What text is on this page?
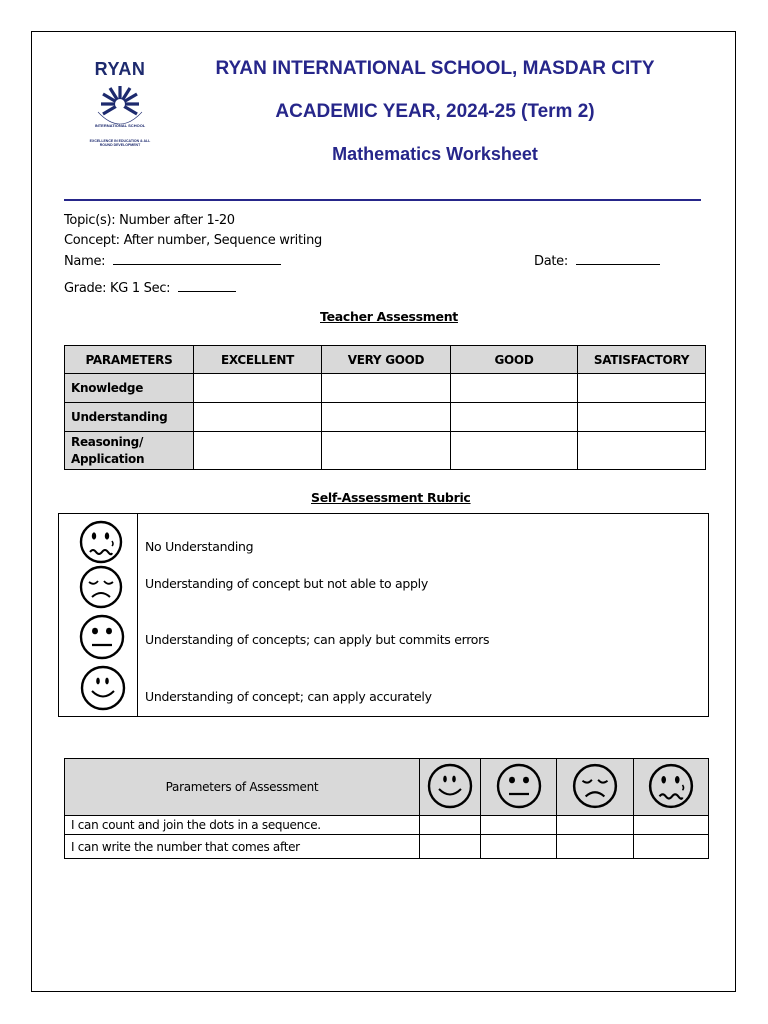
RYAN
INTERNATIONAL SCHOOL
EXCELLENCE IN EDUCATION & ALL ROUND DEVELOPMENT
RYAN INTERNATIONAL SCHOOL, MASDAR CITY
ACADEMIC YEAR, 2024-25 (Term 2)
Mathematics Worksheet
Topic(s): Number after 1-20
Concept: After number, Sequence writing
Name:	Date:
Grade: KG 1 Sec:
Teacher Assessment
PARAMETERS	EXCELLENT	VERY GOOD	GOOD	SATISFACTORY
Knowledge				
Understanding				
Reasoning/
Application				
Self-Assessment Rubric
No Understanding
Understanding of concept but not able to apply
Understanding of concepts; can apply but commits errors
Understanding of concept; can apply accurately
Parameters of Assessment				
I can count and join the dots in a sequence.				
I can write the number that comes after				
